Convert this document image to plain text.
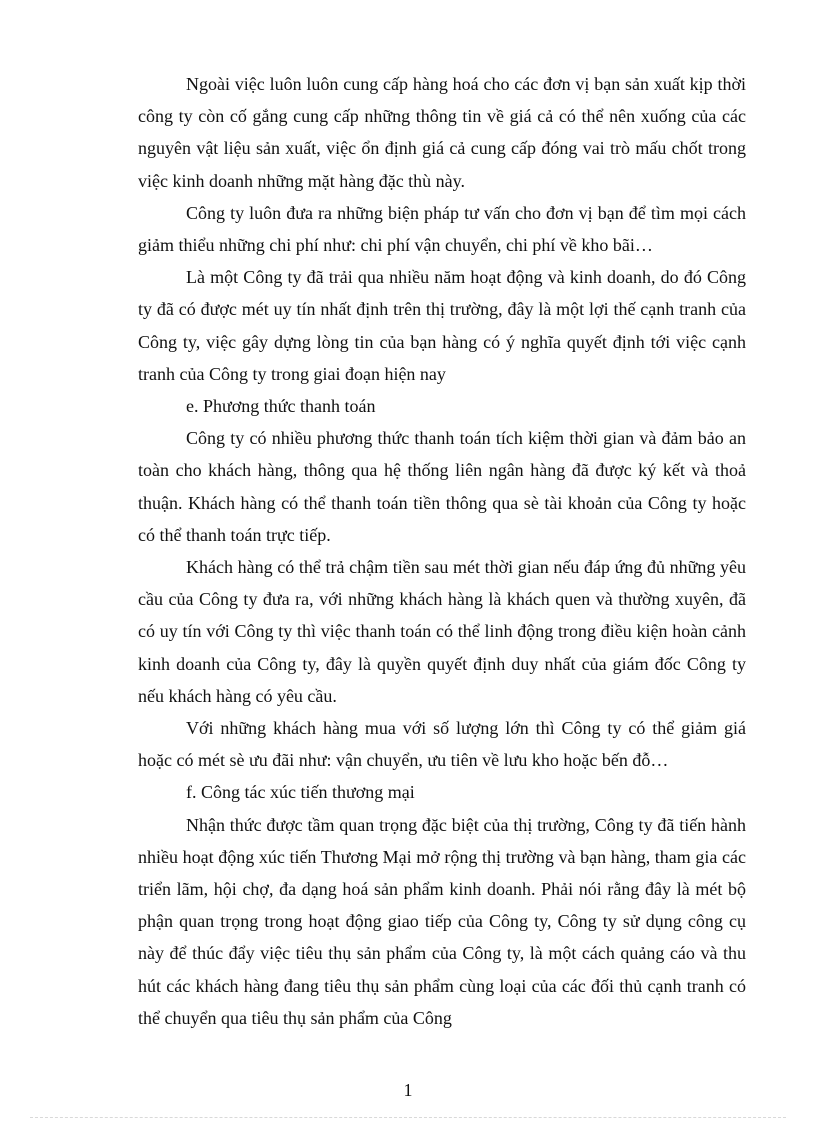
Ngoài việc luôn luôn cung cấp hàng hoá cho các đơn vị bạn sản xuất kịp thời công ty còn cố gắng cung cấp những thông tin về giá cả có thể nên xuống của các nguyên vật liệu sản xuất, việc ổn định giá cả cung cấp đóng vai trò mấu chốt trong việc kinh doanh những mặt hàng đặc thù này.

Công ty luôn đưa ra những biện pháp tư vấn cho đơn vị bạn để tìm mọi cách giảm thiểu những chi phí như: chi phí vận chuyển, chi phí về kho bãi…

Là một Công ty đã trải qua nhiều năm hoạt động và kinh doanh, do đó Công ty đã có được mét uy tín nhất định trên thị trường, đây là một lợi thế cạnh tranh của Công ty, việc gây dựng lòng tin của bạn hàng có ý nghĩa quyết định tới việc cạnh tranh của Công ty trong giai đoạn hiện nay

e. Phương thức thanh toán

Công ty có nhiều phương thức thanh toán tích kiệm thời gian và đảm bảo an toàn cho khách hàng, thông qua hệ thống liên ngân hàng đã được ký kết và thoả thuận. Khách hàng có thể thanh toán tiền thông qua sè tài khoản của Công ty hoặc có thể thanh toán trực tiếp.

Khách hàng có thể trả chậm tiền sau mét thời gian nếu đáp ứng đủ những yêu cầu của Công ty đưa ra, với những khách hàng là khách quen và thường xuyên, đã có uy tín với Công ty thì việc thanh toán có thể linh động trong điều kiện hoàn cảnh kinh doanh của Công ty, đây là quyền quyết định duy nhất của giám đốc Công ty nếu khách hàng có yêu cầu.

Với những khách hàng mua với số lượng lớn thì Công ty có thể giảm giá hoặc có mét sè ưu đãi như: vận chuyển, ưu tiên về lưu kho hoặc bến đỗ…

f. Công tác xúc tiến thương mại

Nhận thức được tầm quan trọng đặc biệt của thị trường, Công ty đã tiến hành nhiều hoạt động xúc tiến Thương Mại mở rộng thị trường và bạn hàng, tham gia các triển lãm, hội chợ, đa dạng hoá sản phẩm kinh doanh. Phải nói rằng đây là mét bộ phận quan trọng trong hoạt động giao tiếp của Công ty, Công ty sử dụng công cụ này để thúc đẩy việc tiêu thụ sản phẩm của Công ty, là một cách quảng cáo và thu hút các khách hàng đang tiêu thụ sản phẩm cùng loại của các đối thủ cạnh tranh có thể chuyển qua tiêu thụ sản phẩm của Công

1
